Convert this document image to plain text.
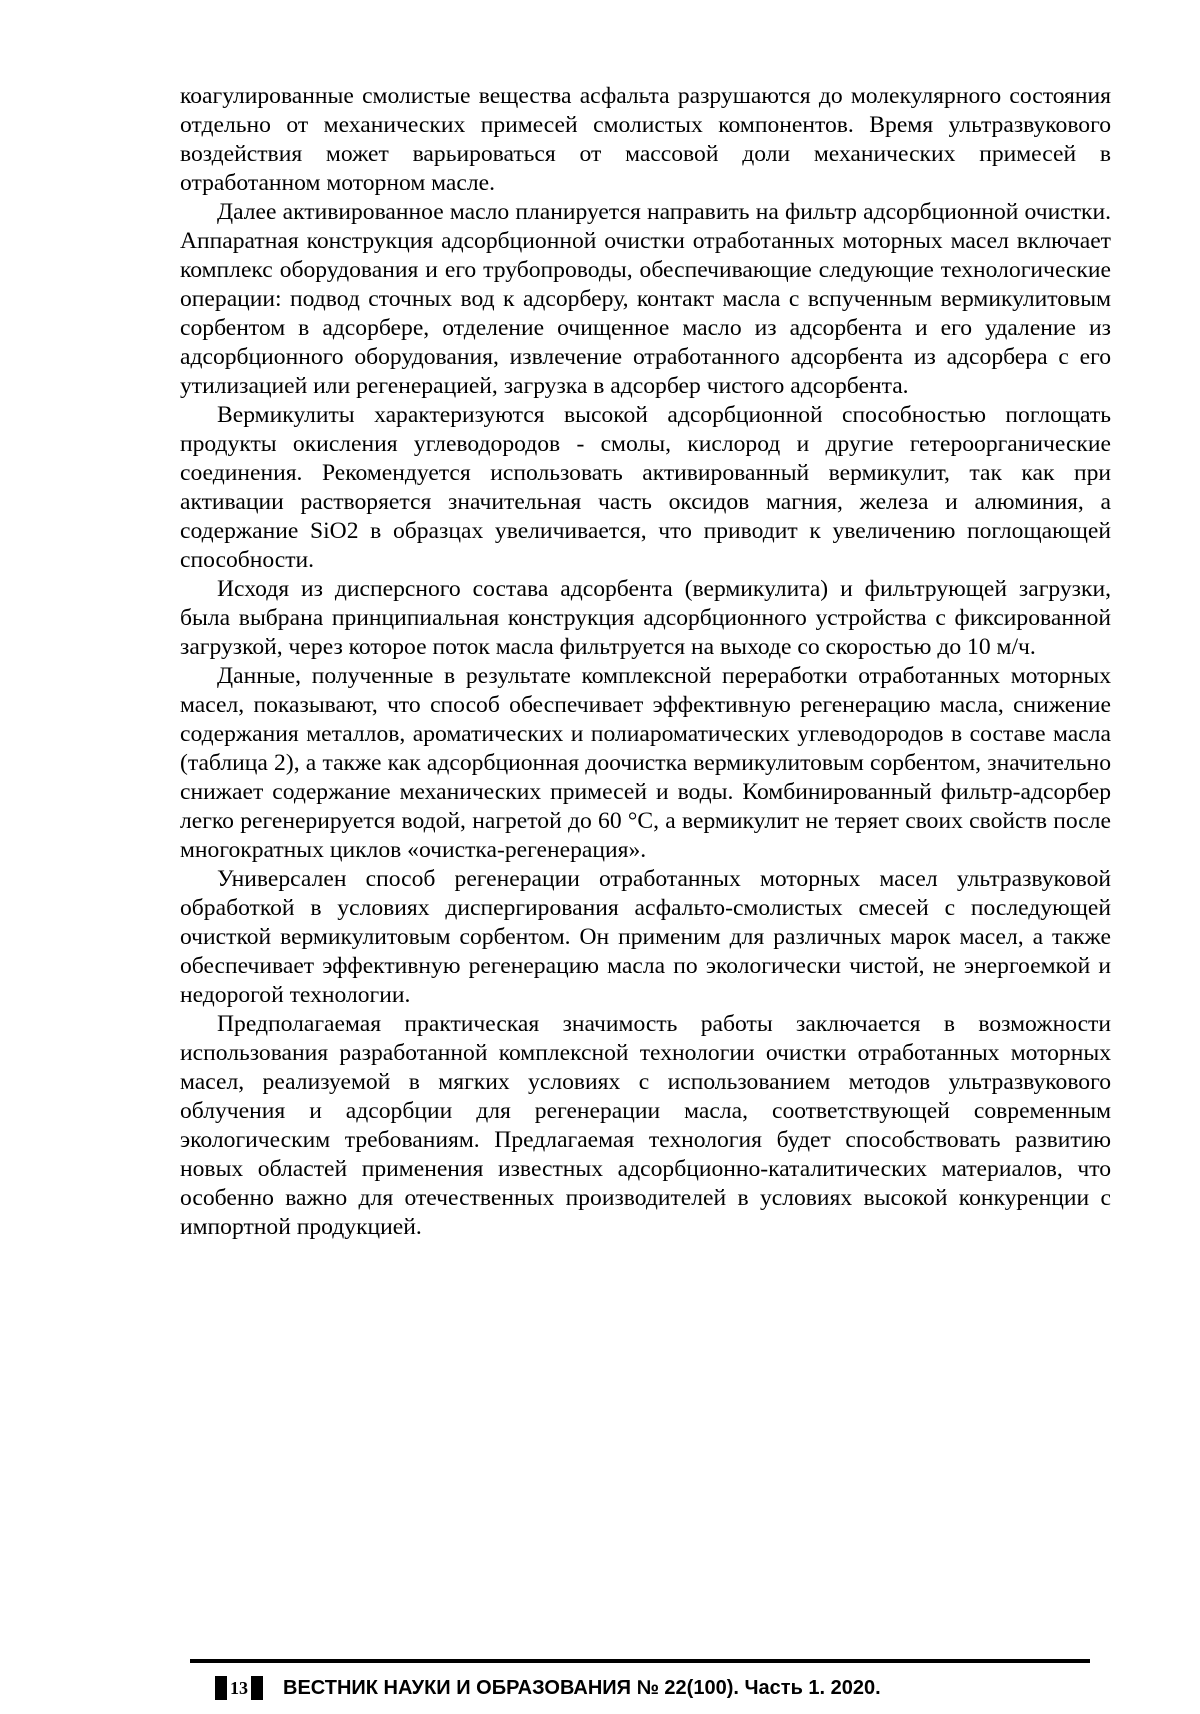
коагулированные смолистые вещества асфальта разрушаются до молекулярного состояния отдельно от механических примесей смолистых компонентов. Время ультразвукового воздействия может варьироваться от массовой доли механических примесей в отработанном моторном масле.

Далее активированное масло планируется направить на фильтр адсорбционной очистки. Аппаратная конструкция адсорбционной очистки отработанных моторных масел включает комплекс оборудования и его трубопроводы, обеспечивающие следующие технологические операции: подвод сточных вод к адсорберу, контакт масла с вспученным вермикулитовым сорбентом в адсорбере, отделение очищенное масло из адсорбента и его удаление из адсорбционного оборудования, извлечение отработанного адсорбента из адсорбера с его утилизацией или регенерацией, загрузка в адсорбер чистого адсорбента.

Вермикулиты характеризуются высокой адсорбционной способностью поглощать продукты окисления углеводородов - смолы, кислород и другие гетероорганические соединения. Рекомендуется использовать активированный вермикулит, так как при активации растворяется значительная часть оксидов магния, железа и алюминия, а содержание SiO2 в образцах увеличивается, что приводит к увеличению поглощающей способности.

Исходя из дисперсного состава адсорбента (вермикулита) и фильтрующей загрузки, была выбрана принципиальная конструкция адсорбционного устройства с фиксированной загрузкой, через которое поток масла фильтруется на выходе со скоростью до 10 м/ч.

Данные, полученные в результате комплексной переработки отработанных моторных масел, показывают, что способ обеспечивает эффективную регенерацию масла, снижение содержания металлов, ароматических и полиароматических углеводородов в составе масла (таблица 2), а также как адсорбционная доочистка вермикулитовым сорбентом, значительно снижает содержание механических примесей и воды. Комбинированный фильтр-адсорбер легко регенерируется водой, нагретой до 60 °С, а вермикулит не теряет своих свойств после многократных циклов «очистка-регенерация».

Универсален способ регенерации отработанных моторных масел ультразвуковой обработкой в условиях диспергирования асфальто-смолистых смесей с последующей очисткой вермикулитовым сорбентом. Он применим для различных марок масел, а также обеспечивает эффективную регенерацию масла по экологически чистой, не энергоемкой и недорогой технологии.

Предполагаемая практическая значимость работы заключается в возможности использования разработанной комплексной технологии очистки отработанных моторных масел, реализуемой в мягких условиях с использованием методов ультразвукового облучения и адсорбции для регенерации масла, соответствующей современным экологическим требованиям. Предлагаемая технология будет способствовать развитию новых областей применения известных адсорбционно-каталитических материалов, что особенно важно для отечественных производителей в условиях высокой конкуренции с импортной продукцией.

13 ВЕСТНИК НАУКИ И ОБРАЗОВАНИЯ № 22(100). Часть 1. 2020.
